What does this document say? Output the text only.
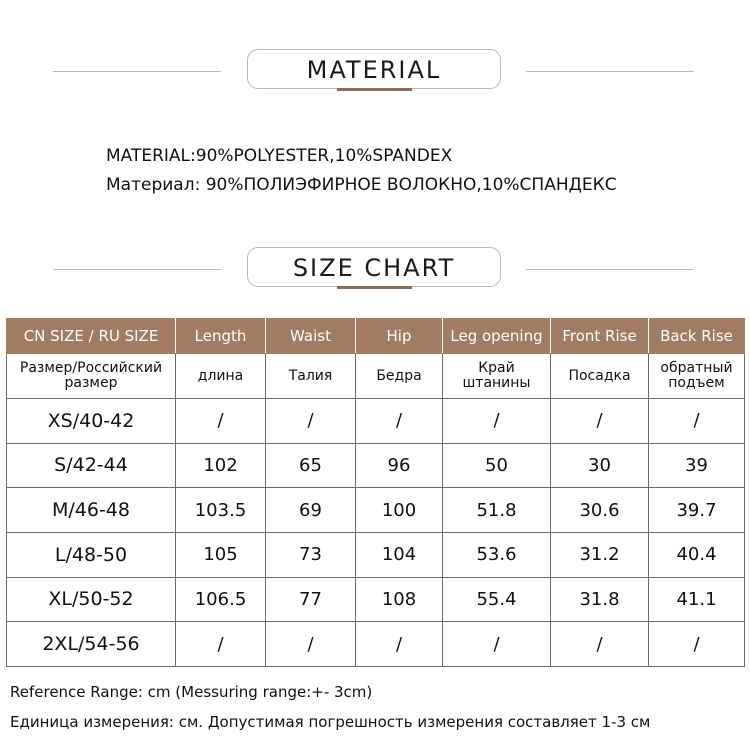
MATERIAL
MATERIAL:90%POLYESTER,10%SPANDEX
Материал: 90%ПОЛИЭФИРНОЕ ВОЛОКНО,10%СПАНДЕКС
SIZE CHART
CN SIZE / RU SIZE	Length	Waist	Hip	Leg opening	Front Rise	Back Rise
Размер/Российский размер	длина	Талия	Бедра	Край штанины	Посадка	обратный подъем
XS/40-42	/	/	/	/	/	/
S/42-44	102	65	96	50	30	39
M/46-48	103.5	69	100	51.8	30.6	39.7
L/48-50	105	73	104	53.6	31.2	40.4
XL/50-52	106.5	77	108	55.4	31.8	41.1
2XL/54-56	/	/	/	/	/	/
Reference Range: cm (Messuring range:+- 3cm)
Единица измерения: см. Допустимая погрешность измерения составляет 1-3 см
